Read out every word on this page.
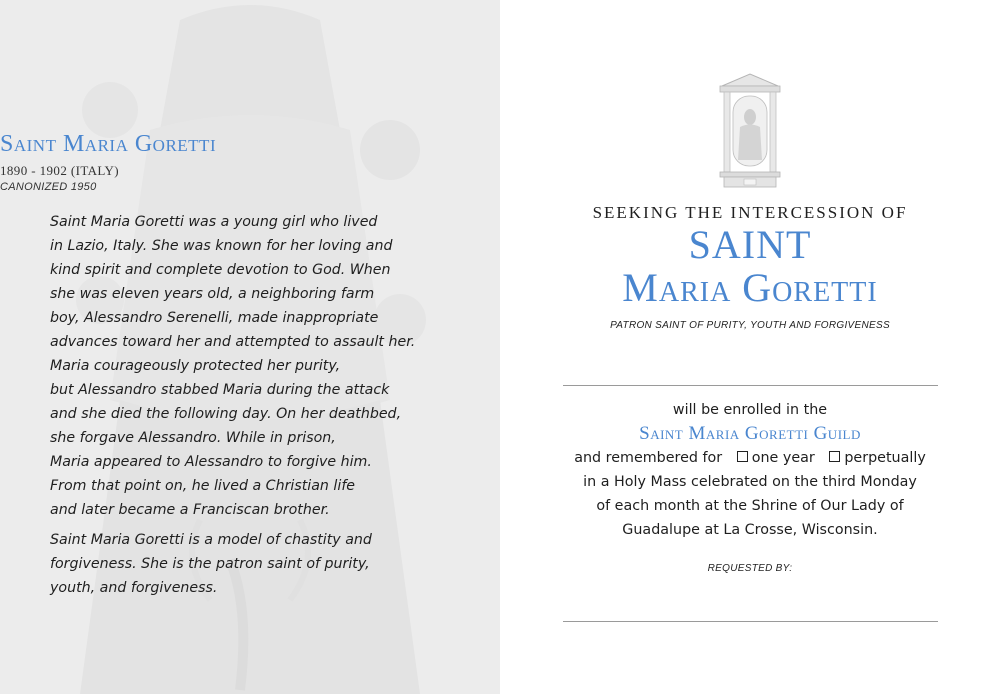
Saint Maria Goretti
1890 - 1902 (ITALY)
CANONIZED 1950

Saint Maria Goretti was a young girl who lived
in Lazio, Italy. She was known for her loving and
kind spirit and complete devotion to God. When
she was eleven years old, a neighboring farm
boy, Alessandro Serenelli, made inappropriate
advances toward her and attempted to assault her.
Maria courageously protected her purity,
but Alessandro stabbed Maria during the attack
and she died the following day. On her deathbed,
she forgave Alessandro. While in prison,
Maria appeared to Alessandro to forgive him.
From that point on, he lived a Christian life
and later became a Franciscan brother.

Saint Maria Goretti is a model of chastity and
forgiveness. She is the patron saint of purity,
youth, and forgiveness.

SEEKING THE INTERCESSION OF
SAINT
Maria Goretti
PATRON SAINT OF PURITY, YOUTH AND FORGIVENESS
will be enrolled in the
Saint Maria Goretti Guild
and remembered for one year perpetually
in a Holy Mass celebrated on the third Monday
of each month at the Shrine of Our Lady of
Guadalupe at La Crosse, Wisconsin.
REQUESTED BY:
